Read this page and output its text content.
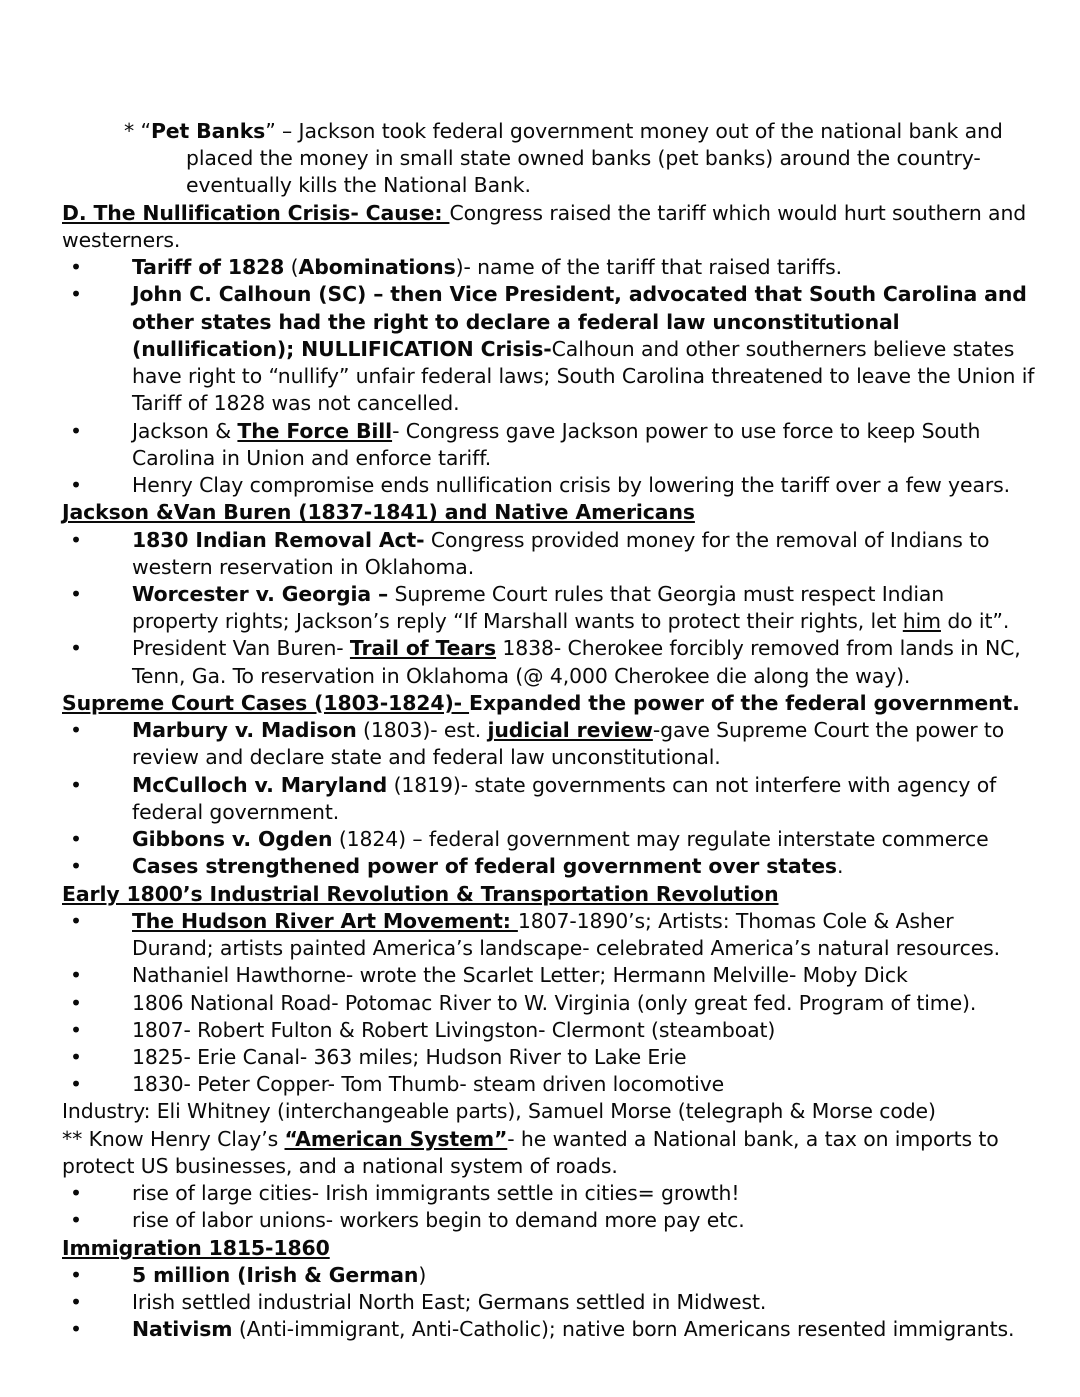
* “Pet Banks” – Jackson took federal government money out of the national bank and placed the money in small state owned banks (pet banks) around the country- eventually kills the National Bank.
D. The Nullification Crisis- Cause: Congress raised the tariff which would hurt southern and westerners.
•	Tariff of 1828 (Abominations)- name of the tariff that raised tariffs.
•	John C. Calhoun (SC) – then Vice President, advocated that South Carolina and other states had the right to declare a federal law unconstitutional (nullification); NULLIFICATION Crisis-Calhoun and other southerners believe states have right to “nullify” unfair federal laws; South Carolina threatened to leave the Union if Tariff of 1828 was not cancelled.
•	Jackson & The Force Bill- Congress gave Jackson power to use force to keep South Carolina in Union and enforce tariff.
•	Henry Clay compromise ends nullification crisis by lowering the tariff over a few years.
Jackson &Van Buren (1837-1841) and Native Americans
•	1830 Indian Removal Act- Congress provided money for the removal of Indians to western reservation in Oklahoma.
•	Worcester v. Georgia – Supreme Court rules that Georgia must respect Indian property rights; Jackson’s reply “If Marshall wants to protect their rights, let him do it”.
•	President Van Buren- Trail of Tears 1838- Cherokee forcibly removed from lands in NC, Tenn, Ga. To reservation in Oklahoma (@ 4,000 Cherokee die along the way).
Supreme Court Cases (1803-1824)- Expanded the power of the federal government.
•	Marbury v. Madison (1803)- est. judicial review-gave Supreme Court the power to review and declare state and federal law unconstitutional.
•	McCulloch v. Maryland (1819)- state governments can not interfere with agency of federal government.
•	Gibbons v. Ogden (1824) – federal government may regulate interstate commerce
•	Cases strengthened power of federal government over states.
Early 1800’s Industrial Revolution & Transportation Revolution
•	The Hudson River Art Movement: 1807-1890’s; Artists: Thomas Cole & Asher Durand; artists painted America’s landscape- celebrated America’s natural resources.
•	Nathaniel Hawthorne- wrote the Scarlet Letter; Hermann Melville- Moby Dick
•	1806 National Road- Potomac River to W. Virginia (only great fed. Program of time).
•	1807- Robert Fulton & Robert Livingston- Clermont (steamboat)
•	1825- Erie Canal- 363 miles; Hudson River to Lake Erie
•	1830- Peter Copper- Tom Thumb- steam driven locomotive
Industry: Eli Whitney (interchangeable parts), Samuel Morse (telegraph & Morse code)
** Know Henry Clay’s “American System”- he wanted a National bank, a tax on imports to protect US businesses, and a national system of roads.
•	rise of large cities- Irish immigrants settle in cities= growth!
•	rise of labor unions- workers begin to demand more pay etc.
Immigration 1815-1860
•	5 million (Irish & German)
•	Irish settled industrial North East; Germans settled in Midwest.
•	Nativism (Anti-immigrant, Anti-Catholic); native born Americans resented immigrants.
